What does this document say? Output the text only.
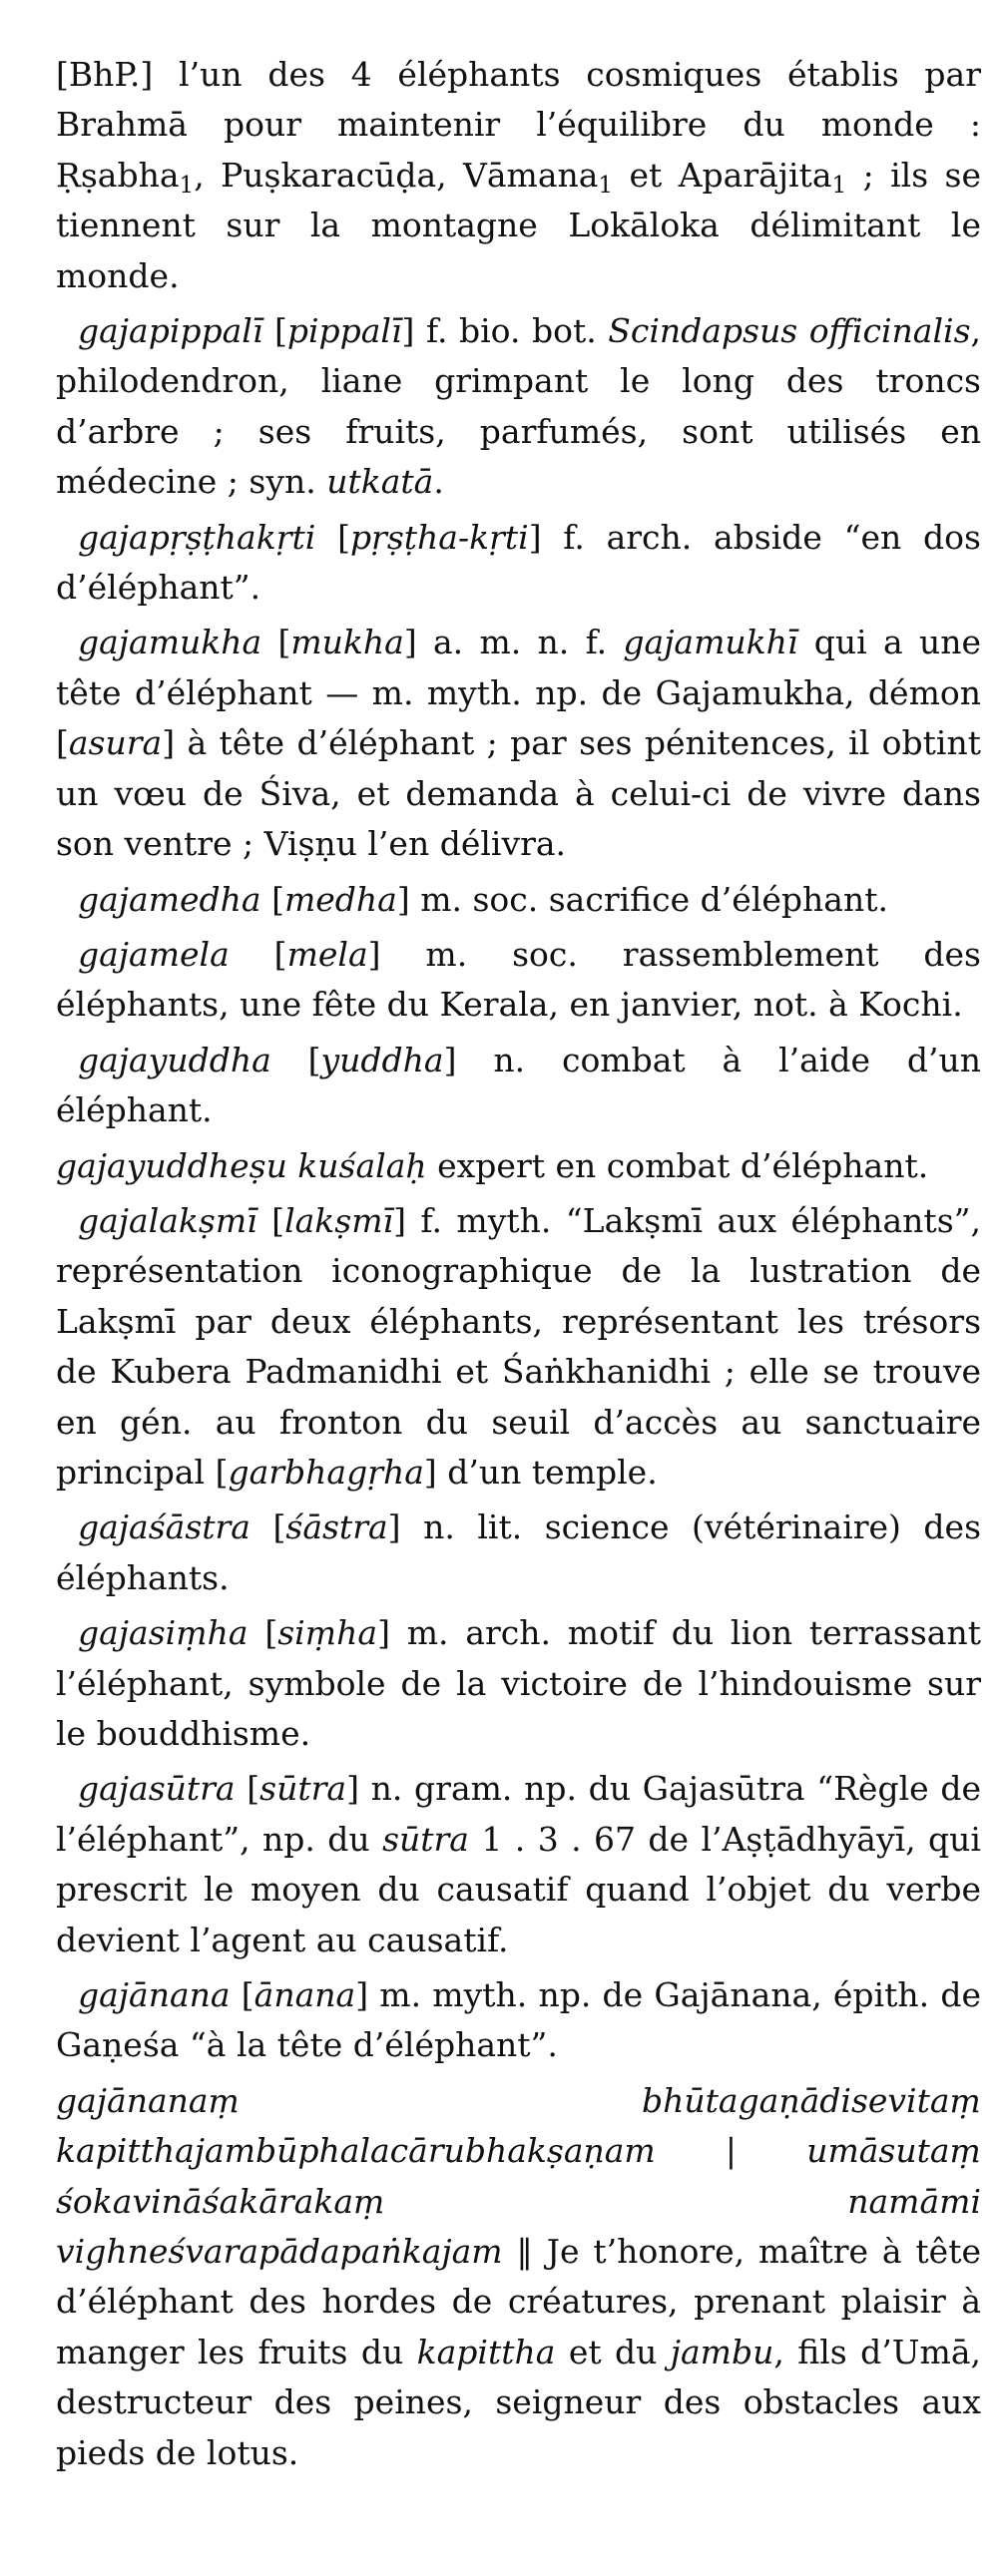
[BhP.] l’un des 4 éléphants cosmiques établis par Brahmā pour maintenir l’équilibre du monde : Ṛṣabha$_1$, Puṣkaracūḍa, Vāmana$_1$ et Aparājita$_1$ ; ils se tiennent sur la montagne Lokāloka délimitant le monde.

gajapippalī [pippalī] f. bio. bot. Scindapsus officinalis, philodendron, liane grimpant le long des troncs d’arbre ; ses fruits, parfumés, sont utilisés en médecine ; syn. utkatā.

gajapṛṣṭhakṛti [pṛṣṭha-kṛti] f. arch. abside “en dos d’éléphant”.

gajamukha [mukha] a. m. n. f. gajamukhī qui a une tête d’éléphant — m. myth. np. de Gajamukha, démon [asura] à tête d’éléphant ; par ses pénitences, il obtint un vœu de Śiva, et demanda à celui-ci de vivre dans son ventre ; Viṣṇu l’en délivra.

gajamedha [medha] m. soc. sacrifice d’éléphant.

gajamela [mela] m. soc. rassemblement des éléphants, une fête du Kerala, en janvier, not. à Kochi.

gajayuddha [yuddha] n. combat à l’aide d’un éléphant.

gajayuddheṣu kuśalaḥ expert en combat d’éléphant.

gajalakṣmī [lakṣmī] f. myth. “Lakṣmī aux éléphants”, représentation iconographique de la lustration de Lakṣmī par deux éléphants, représentant les trésors de Kubera Padmanidhi et Śaṅkhanidhi ; elle se trouve en gén. au fronton du seuil d’accès au sanctuaire principal [garbhagṛha] d’un temple.

gajaśāstra [śāstra] n. lit. science (vétérinaire) des éléphants.

gajasiṃha [siṃha] m. arch. motif du lion terrassant l’éléphant, symbole de la victoire de l’hindouisme sur le bouddhisme.

gajasūtra [sūtra] n. gram. np. du Gajasūtra “Règle de l’éléphant”, np. du sūtra 1 . 3 . 67 de l’Aṣṭādhyāyī, qui prescrit le moyen du causatif quand l’objet du verbe devient l’agent au causatif.

gajānana [ānana] m. myth. np. de Gajānana, épith. de Gaṇeśa “à la tête d’éléphant”.

gajānanaṃ bhūtagaṇādisevitaṃ kapitthajambūphalacārubhakṣaṇam | umāsutaṃ śokavināśakārakaṃ namāmi vighneśvarapādapaṅkajam ‖ Je t’honore, maître à tête d’éléphant des hordes de créatures, prenant plaisir à manger les fruits du kapittha et du jambu, fils d’Umā, destructeur des peines, seigneur des obstacles aux pieds de lotus.
